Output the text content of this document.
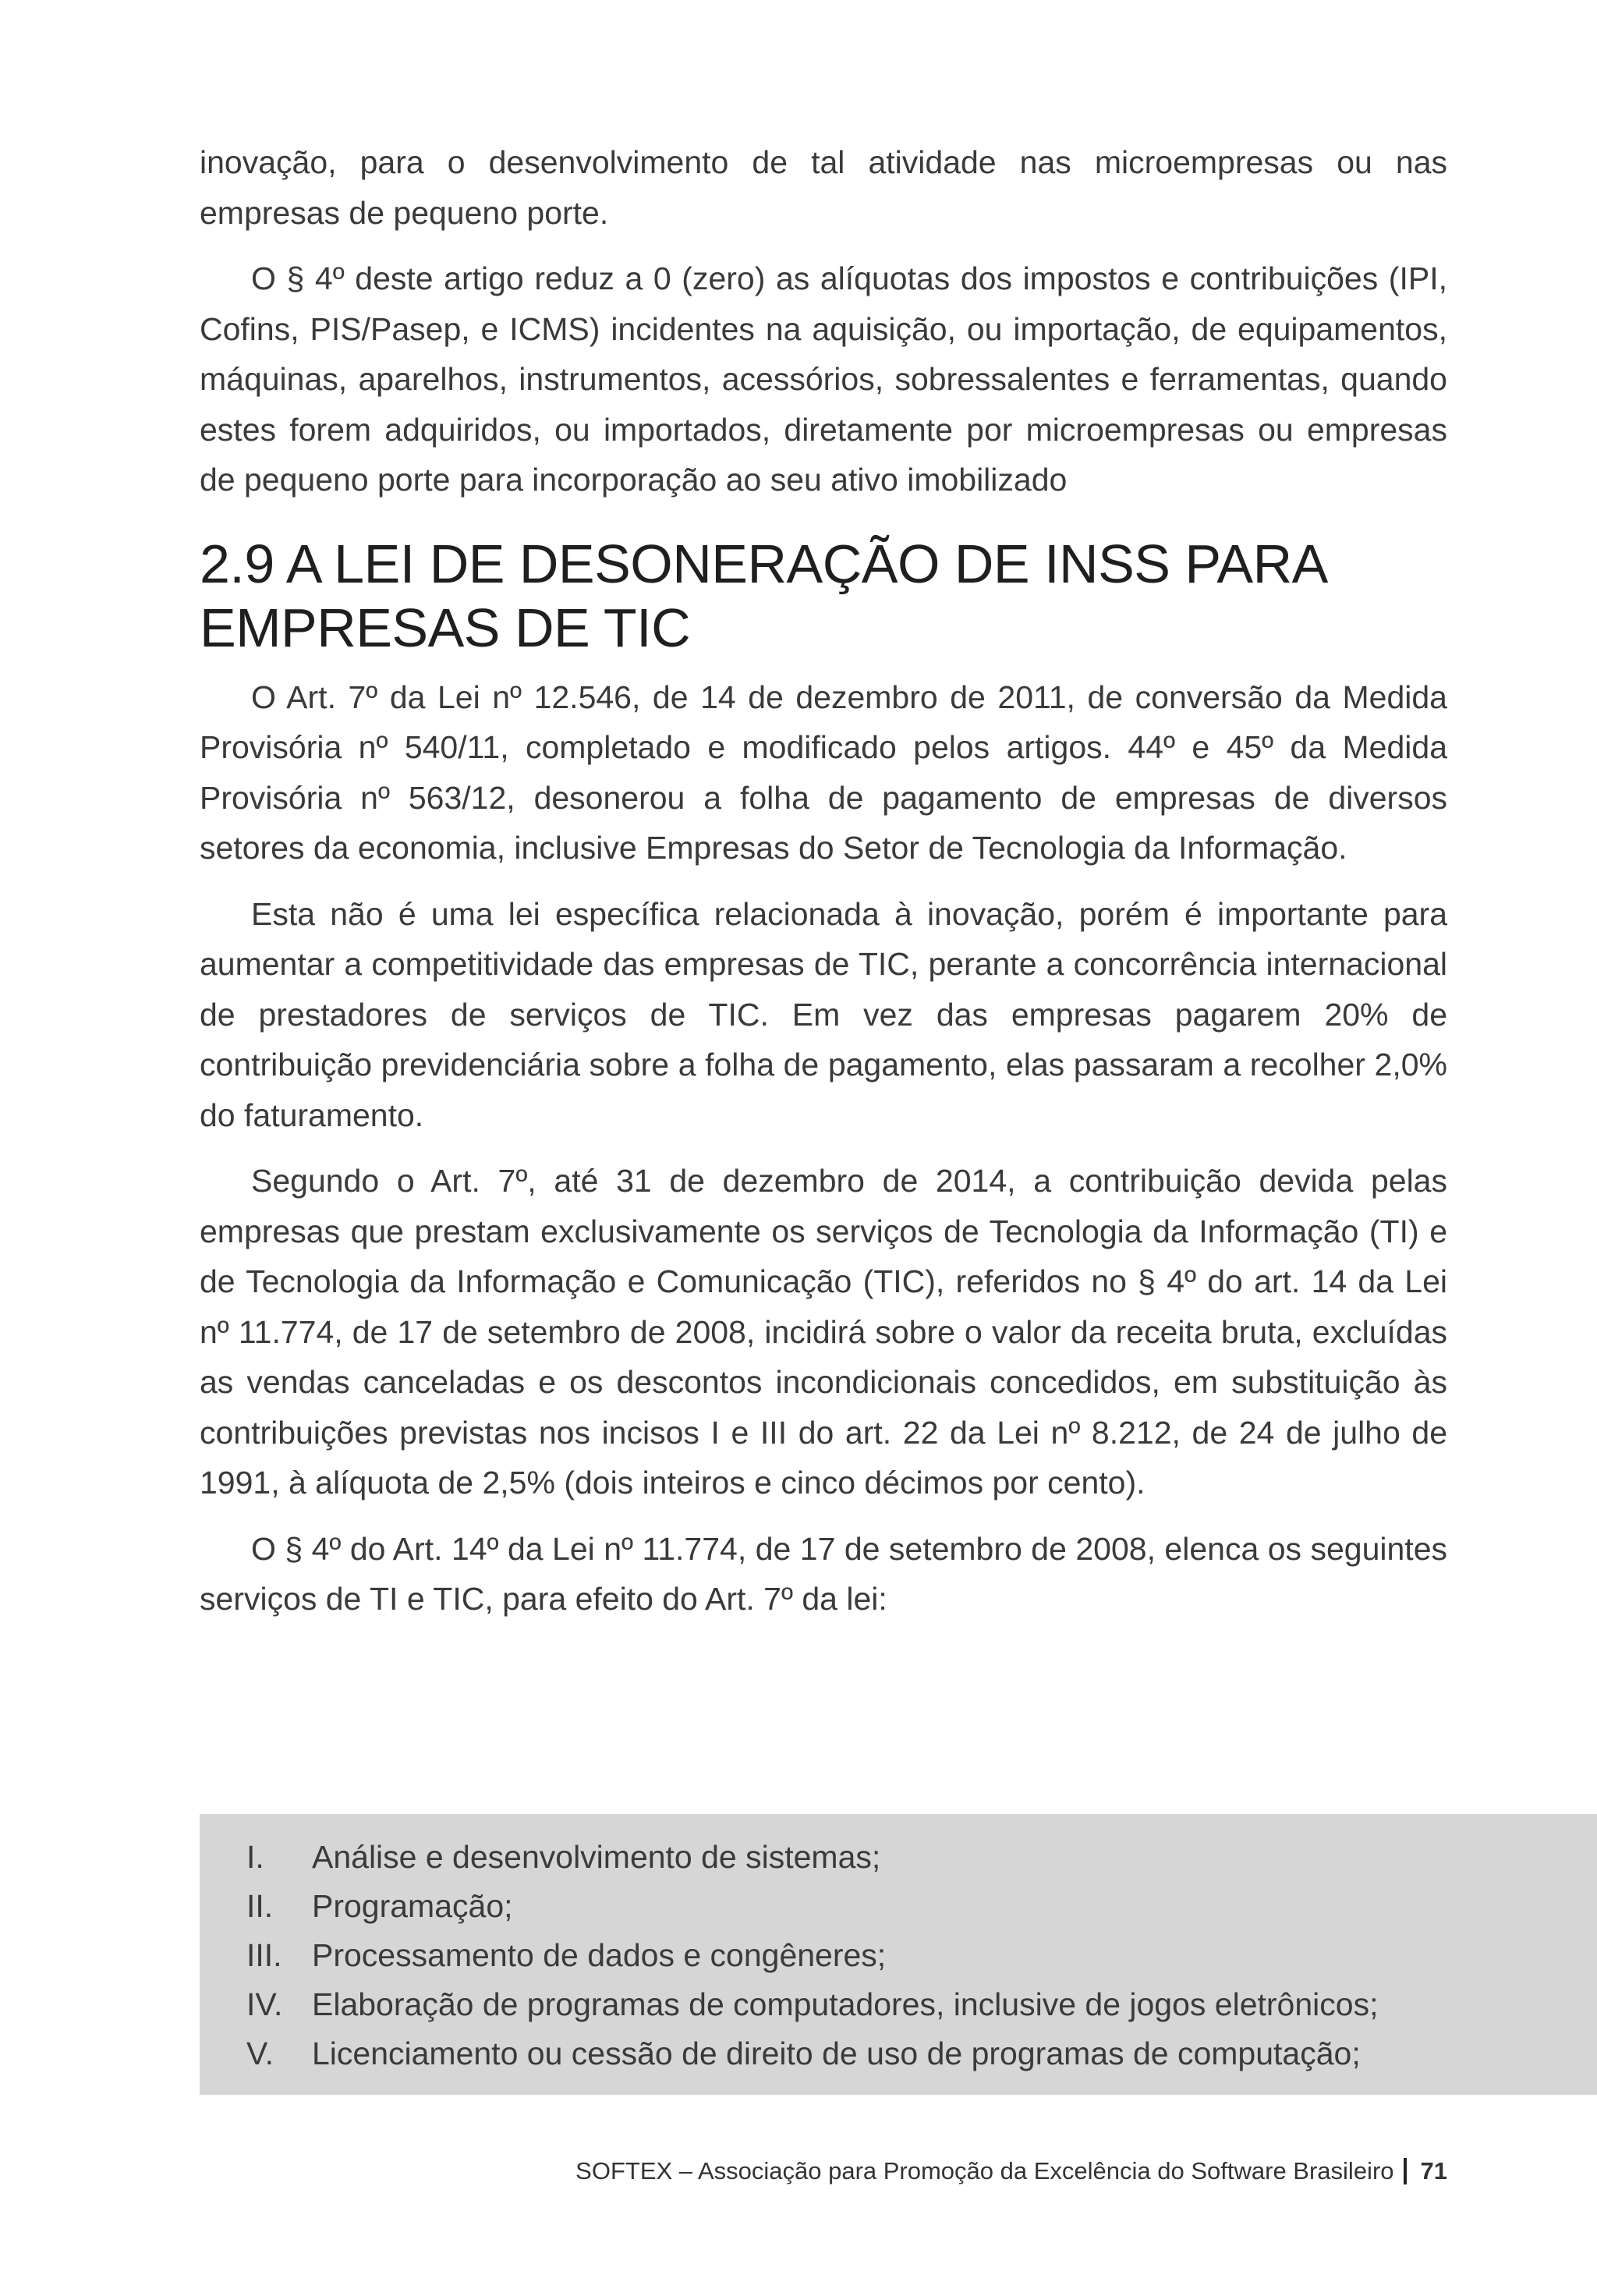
inovação, para o desenvolvimento de tal atividade nas microempresas ou nas empresas de pequeno porte.

O § 4º deste artigo reduz a 0 (zero) as alíquotas dos impostos e contribuições (IPI, Cofins, PIS/Pasep, e ICMS) incidentes na aquisição, ou importação, de equipamentos, máquinas, aparelhos, instrumentos, acessórios, sobressalentes e ferramentas, quando estes forem adquiridos, ou importados, diretamente por microempresas ou empresas de pequeno porte para incorporação ao seu ativo imobilizado

2.9 A LEI DE DESONERAÇÃO DE INSS PARA EMPRESAS DE TIC

O Art. 7º da Lei nº 12.546, de 14 de dezembro de 2011, de conversão da Medida Provisória nº 540/11, completado e modificado pelos artigos. 44º e 45º da Medida Provisória nº 563/12, desonerou a folha de pagamento de empresas de diversos setores da economia, inclusive Empresas do Setor de Tecnologia da Informação.

Esta não é uma lei específica relacionada à inovação, porém é importante para aumentar a competitividade das empresas de TIC, perante a concorrência internacional de prestadores de serviços de TIC. Em vez das empresas pagarem 20% de contribuição previdenciária sobre a folha de pagamento, elas passaram a recolher 2,0% do faturamento.

Segundo o Art. 7º, até 31 de dezembro de 2014, a contribuição devida pelas empresas que prestam exclusivamente os serviços de Tecnologia da Informação (TI) e de Tecnologia da Informação e Comunicação (TIC), referidos no § 4º do art. 14 da Lei nº 11.774, de 17 de setembro de 2008, incidirá sobre o valor da receita bruta, excluídas as vendas canceladas e os descontos incondicionais concedidos, em substituição às contribuições previstas nos incisos I e III do art. 22 da Lei nº 8.212, de 24 de julho de 1991, à alíquota de 2,5% (dois inteiros e cinco décimos por cento).

O § 4º do Art. 14º da Lei nº 11.774, de 17 de setembro de 2008, elenca os seguintes serviços de TI e TIC, para efeito do Art. 7º da lei:

I.	Análise e desenvolvimento de sistemas;
II.	Programação;
III. Processamento de dados e congêneres;
IV. Elaboração de programas de computadores, inclusive de jogos eletrônicos;
V.	Licenciamento ou cessão de direito de uso de programas de computação;
SOFTEX – Associação para Promoção da Excelência do Software Brasileiro 71
